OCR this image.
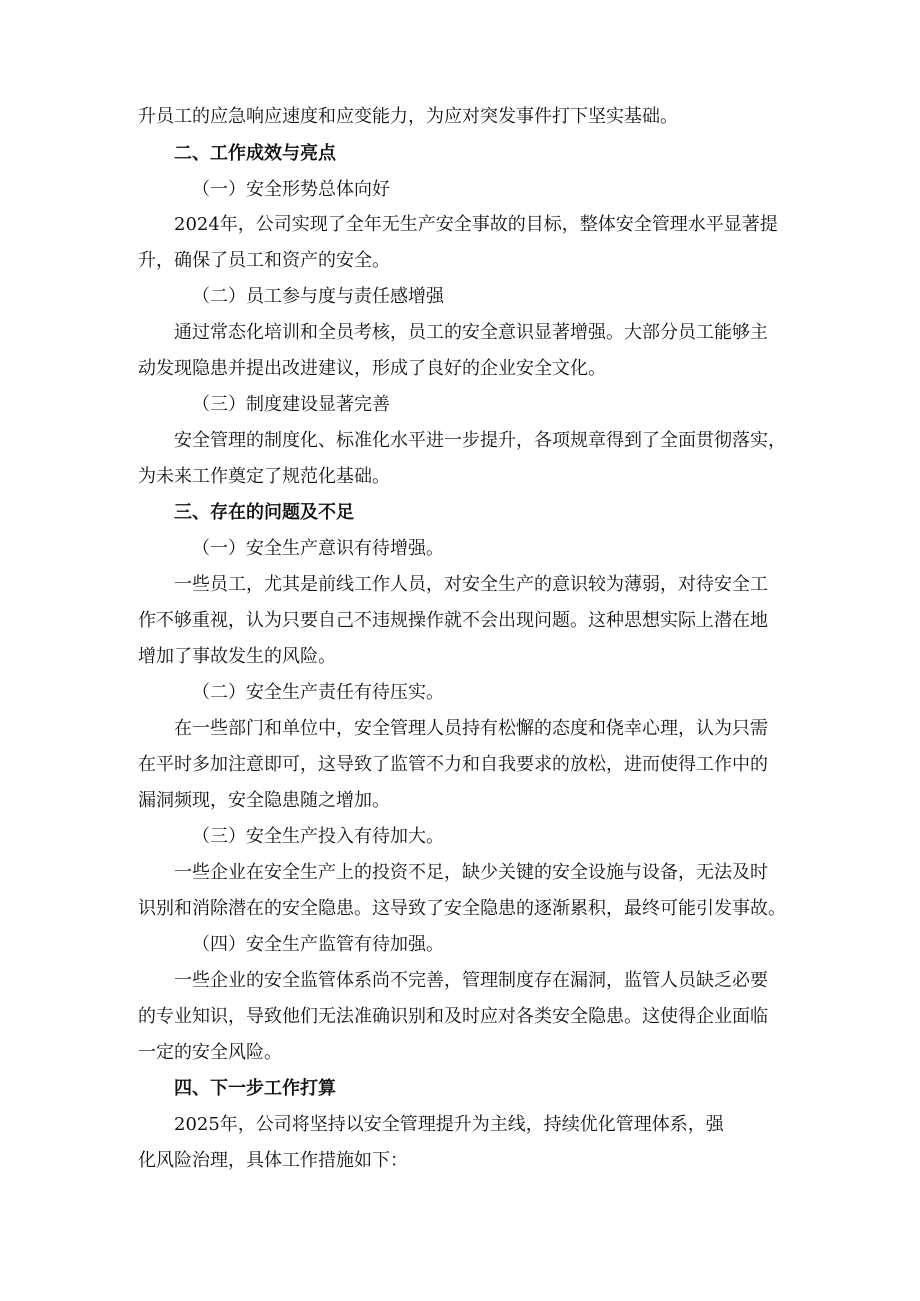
升员工的应急响应速度和应变能力，为应对突发事件打下坚实基础。

二、工作成效与亮点

（一）安全形势总体向好

2024年，公司实现了全年无生产安全事故的目标，整体安全管理水平显著提

升，确保了员工和资产的安全。

（二）员工参与度与责任感增强

通过常态化培训和全员考核，员工的安全意识显著增强。大部分员工能够主

动发现隐患并提出改进建议，形成了良好的企业安全文化。

（三）制度建设显著完善

安全管理的制度化、标准化水平进一步提升，各项规章得到了全面贯彻落实，

为未来工作奠定了规范化基础。

三、存在的问题及不足

（一）安全生产意识有待增强。

一些员工，尤其是前线工作人员，对安全生产的意识较为薄弱，对待安全工

作不够重视，认为只要自己不违规操作就不会出现问题。这种思想实际上潜在地

增加了事故发生的风险。

（二）安全生产责任有待压实。

在一些部门和单位中，安全管理人员持有松懈的态度和侥幸心理，认为只需

在平时多加注意即可，这导致了监管不力和自我要求的放松，进而使得工作中的

漏洞频现，安全隐患随之增加。

（三）安全生产投入有待加大。

一些企业在安全生产上的投资不足，缺少关键的安全设施与设备，无法及时

识别和消除潜在的安全隐患。这导致了安全隐患的逐渐累积，最终可能引发事故。

（四）安全生产监管有待加强。

一些企业的安全监管体系尚不完善，管理制度存在漏洞，监管人员缺乏必要

的专业知识，导致他们无法准确识别和及时应对各类安全隐患。这使得企业面临

一定的安全风险。

四、下一步工作打算

2025年，公司将坚持以安全管理提升为主线，持续优化管理体系，强

化风险治理，具体工作措施如下：
